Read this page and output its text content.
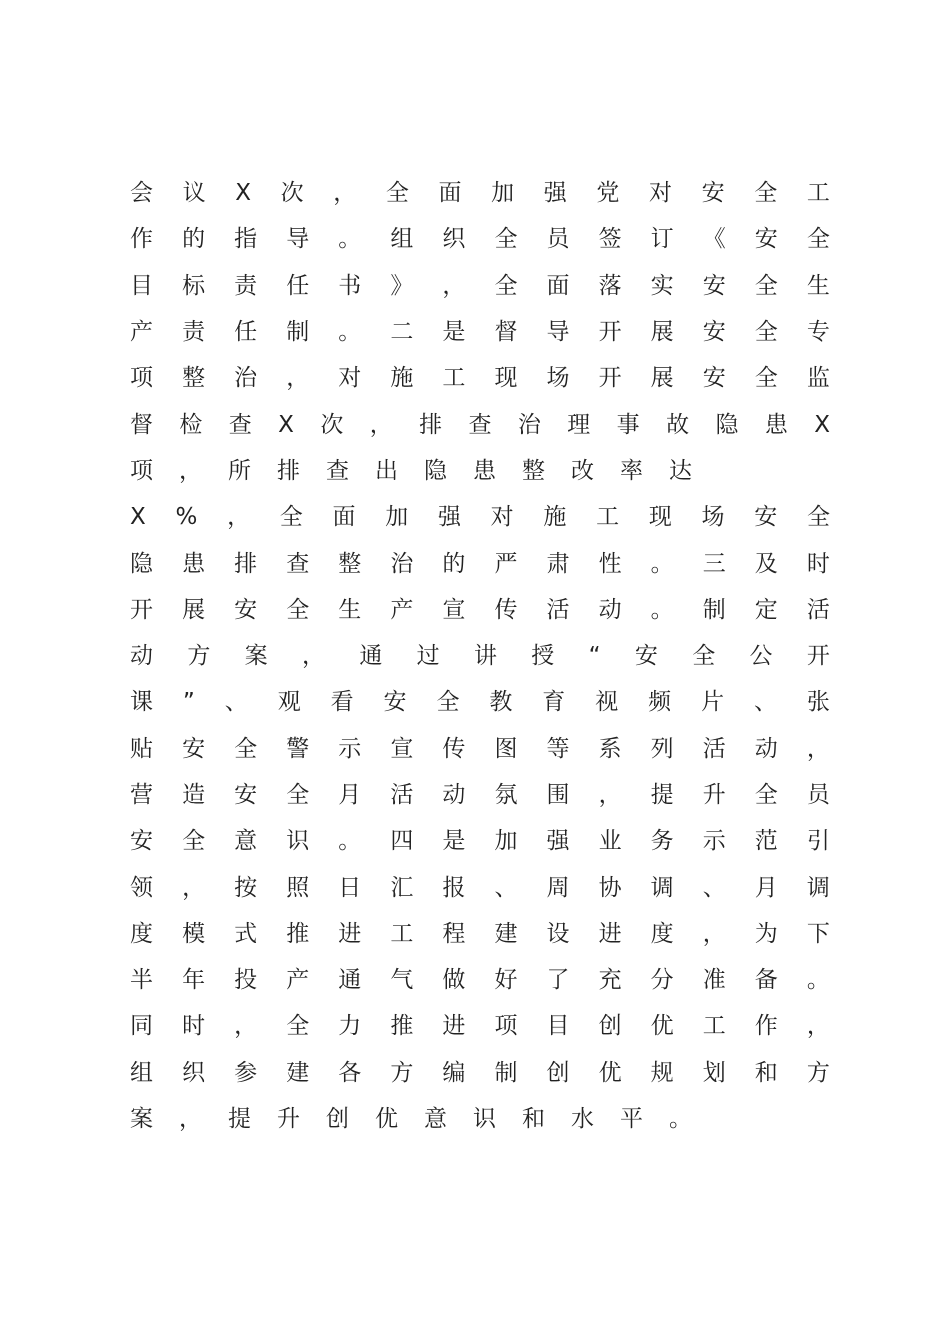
会 议 X 次 ， 全 面 加 强 党 对 安 全 工
作 的 指 导 。 组 织 全 员 签 订 《 安 全
目 标 责 任 书 》 ， 全 面 落 实 安 全 生
产 责 任 制 。 二 是 督 导 开 展 安 全 专
项 整 治 ， 对 施 工 现 场 开 展 安 全 监
督 检 查 X 次 ， 排 查 治 理 事 故 隐 患 X
项 ， 所 排 查 出 隐 患 整 改 率 达
X % ， 全 面 加 强 对 施 工 现 场 安 全
隐 患 排 查 整 治 的 严 肃 性 。 三 及 时
开 展 安 全 生 产 宣 传 活 动 。 制 定 活
动 方 案 ， 通 过 讲 授 “ 安 全 公 开
课 ” 、 观 看 安 全 教 育 视 频 片 、 张
贴 安 全 警 示 宣 传 图 等 系 列 活 动 ，
营 造 安 全 月 活 动 氛 围 ， 提 升 全 员
安 全 意 识 。 四 是 加 强 业 务 示 范 引
领 ， 按 照 日 汇 报 、 周 协 调 、 月 调
度 模 式 推 进 工 程 建 设 进 度 ， 为 下
半 年 投 产 通 气 做 好 了 充 分 准 备 。
同 时 ， 全 力 推 进 项 目 创 优 工 作 ，
组 织 参 建 各 方 编 制 创 优 规 划 和 方
案 ， 提 升 创 优 意 识 和 水 平 。
